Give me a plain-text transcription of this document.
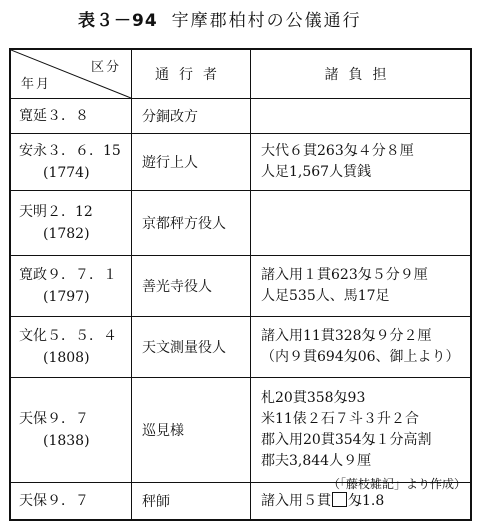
表３－94 宇摩郡柏村の公儀通行
区分
年月	通行者	諸負担

寛延３．８	分銅改方	

安永３．６．15
(1774)	遊行上人	大代６貫263匁４分８厘
人足1,567人賃銭

天明２．12
(1782)	京都秤方役人	

寛政９．７．１
(1797)	善光寺役人	諸入用１貫623匁５分９厘
人足535人、馬17足

文化５．５．４
(1808)	天文測量役人	諸入用11貫328匁９分２厘
（内９貫694匁06、御上より）

天保９．７
(1838)	巡見様	札20貫358匁93
米11俵２石７斗３升２合
郡入用20貫354匁１分高割
郡夫3,844人９厘

天保９．７	秤師	諸入用５貫 匁1.8
（「藤枝雑記」より作成）
